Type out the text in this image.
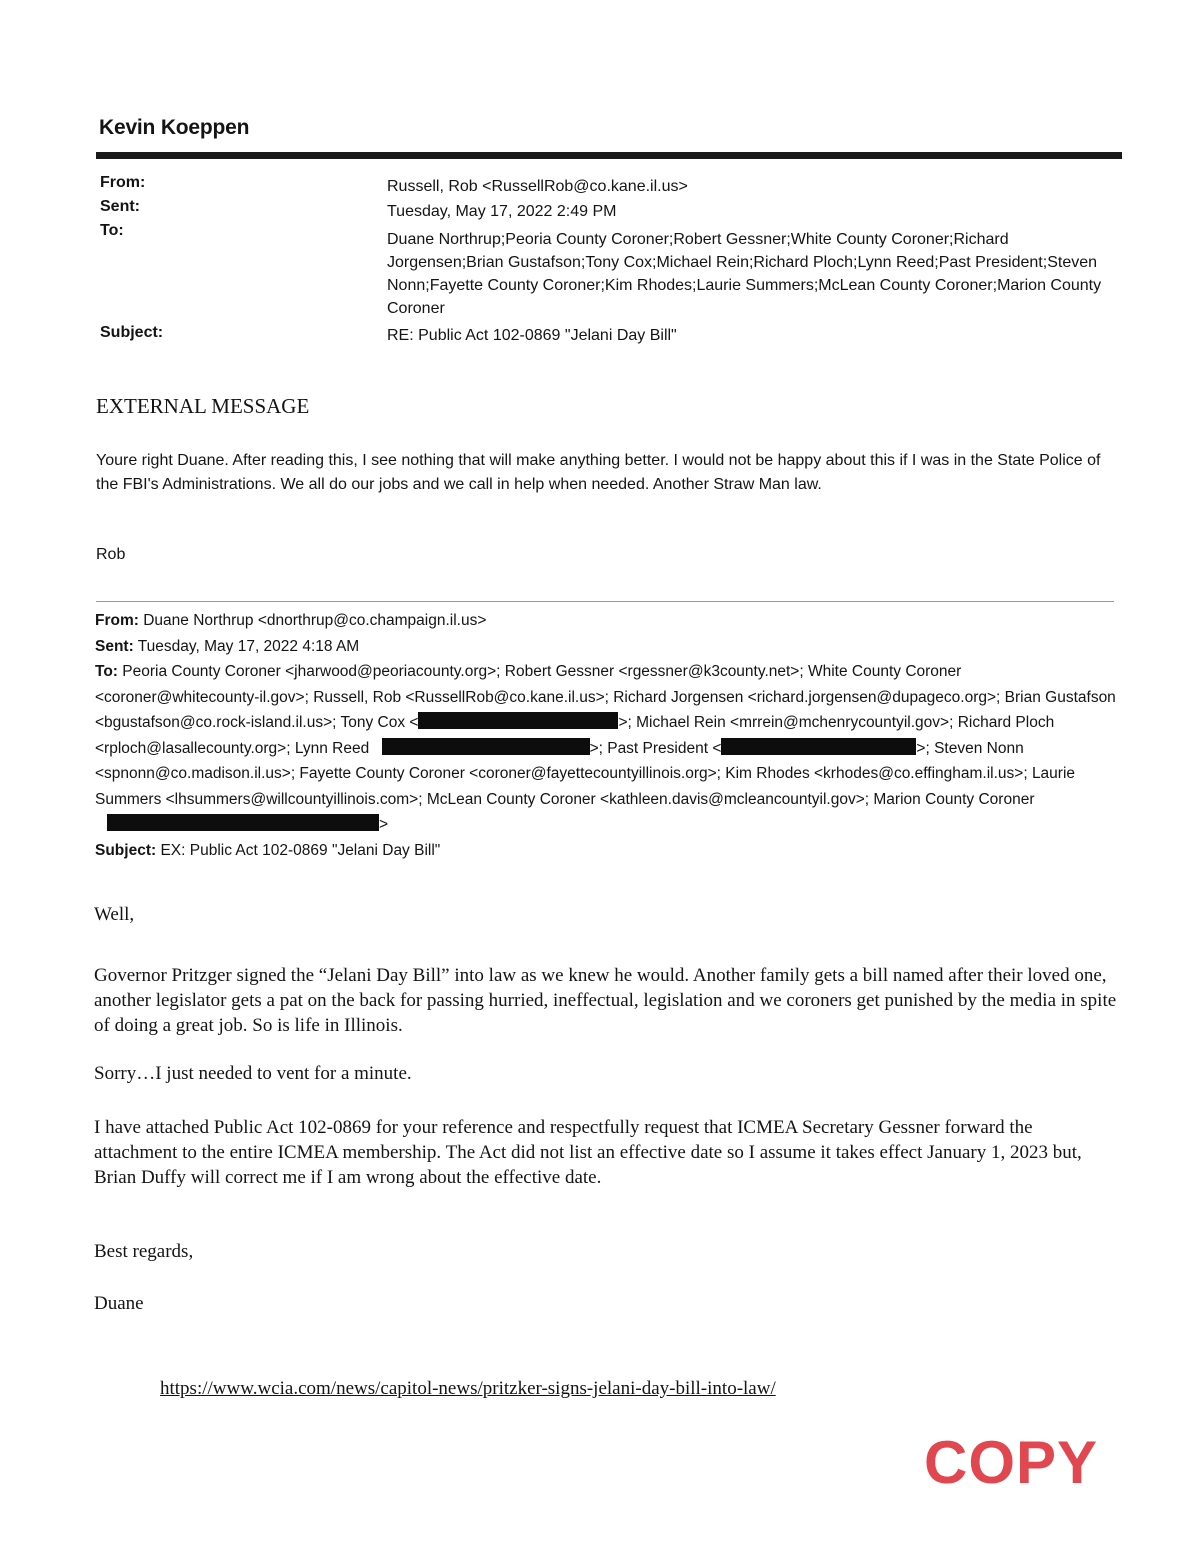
Kevin Koeppen
From:	Russell, Rob <RussellRob@co.kane.il.us>
Sent:	Tuesday, May 17, 2022 2:49 PM
To:
Duane Northrup;Peoria County Coroner;Robert Gessner;White County Coroner;Richard Jorgensen;Brian Gustafson;Tony Cox;Michael Rein;Richard Ploch;Lynn Reed;Past President;Steven Nonn;Fayette County Coroner;Kim Rhodes;Laurie Summers;McLean County Coroner;Marion County Coroner
Subject:	RE: Public Act 102-0869 "Jelani Day Bill"
EXTERNAL MESSAGE

Youre right Duane. After reading this, I see nothing that will make anything better. I would not be happy about this if I was in the State Police of the FBI's Administrations. We all do our jobs and we call in help when needed. Another Straw Man law.

Rob
From: Duane Northrup <dnorthrup@co.champaign.il.us>
Sent: Tuesday, May 17, 2022 4:18 AM
To: Peoria County Coroner <jharwood@peoriacounty.org>; Robert Gessner <rgessner@k3county.net>; White County Coroner <coroner@whitecounty-il.gov>; Russell, Rob <RussellRob@co.kane.il.us>; Richard Jorgensen <richard.jorgensen@dupageco.org>; Brian Gustafson <bgustafson@co.rock-island.il.us>; Tony Cox <	>; Michael Rein <mrrein@mchenrycountyil.gov>; Richard Ploch <rploch@lasallecounty.org>; Lynn Reed	>; Past President <	>; Steven Nonn <spnonn@co.madison.il.us>; Fayette County Coroner <coroner@fayettecountyillinois.org>; Kim Rhodes <krhodes@co.effingham.il.us>; Laurie Summers <lhsummers@willcountyillinois.com>; McLean County Coroner <kathleen.davis@mcleancountyil.gov>; Marion County Coroner >
Subject: EX: Public Act 102-0869 "Jelani Day Bill"

Well,

Governor Pritzger signed the “Jelani Day Bill” into law as we knew he would. Another family gets a bill named after their loved one, another legislator gets a pat on the back for passing hurried, ineffectual, legislation and we coroners get punished by the media in spite of doing a great job. So is life in Illinois.

Sorry…I just needed to vent for a minute.

I have attached Public Act 102-0869 for your reference and respectfully request that ICMEA Secretary Gessner forward the attachment to the entire ICMEA membership. The Act did not list an effective date so I assume it takes effect January 1, 2023 but, Brian Duffy will correct me if I am wrong about the effective date.

Best regards,

Duane

https://www.wcia.com/news/capitol-news/pritzker-signs-jelani-day-bill-into-law/
COPY
